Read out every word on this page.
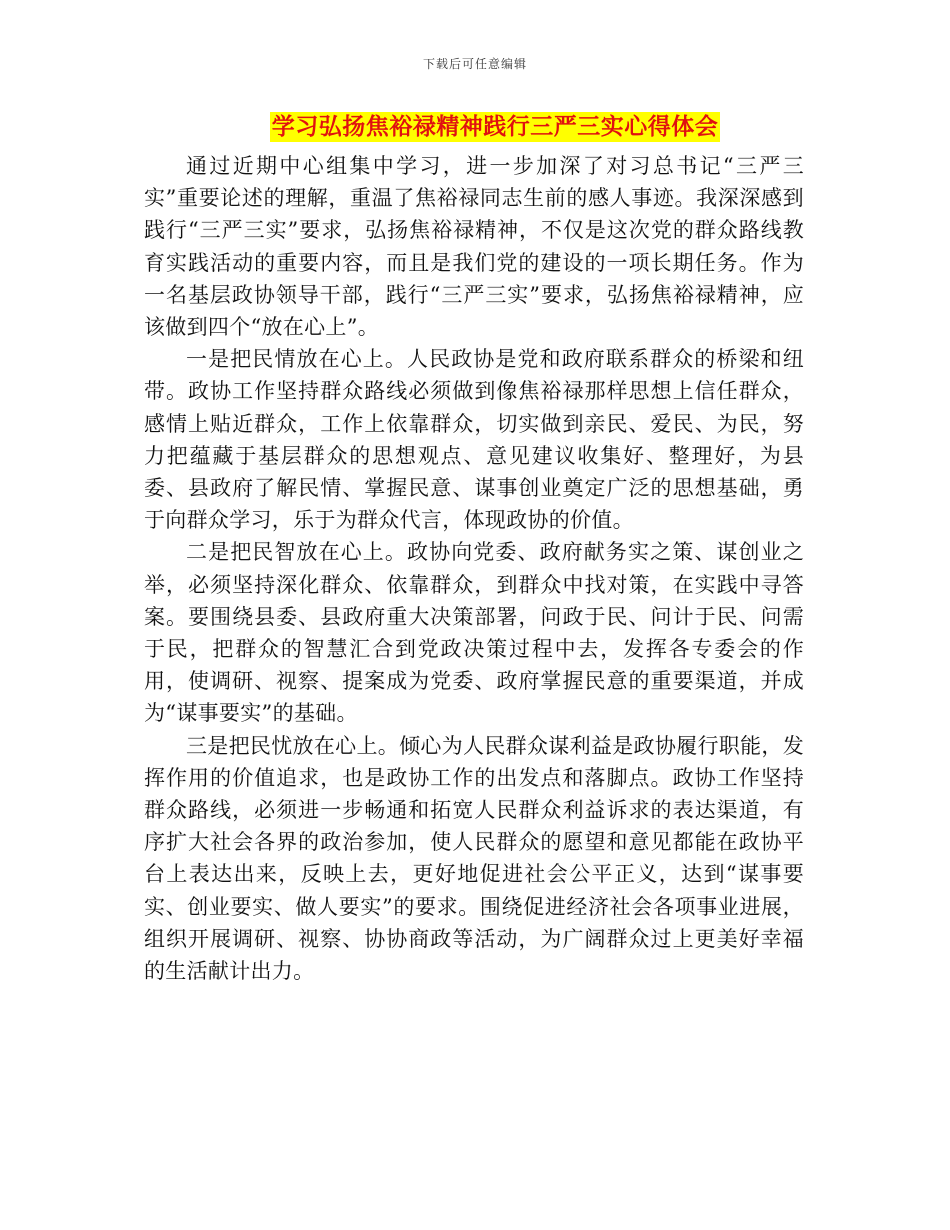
下载后可任意编辑
学习弘扬焦裕禄精神践行三严三实心得体会

通过近期中心组集中学习，进一步加深了对习总书记“三严三实”重要论述的理解，重温了焦裕禄同志生前的感人事迹。我深深感到践行“三严三实”要求，弘扬焦裕禄精神，不仅是这次党的群众路线教育实践活动的重要内容，而且是我们党的建设的一项长期任务。作为一名基层政协领导干部，践行“三严三实”要求，弘扬焦裕禄精神，应该做到四个“放在心上”。

一是把民情放在心上。人民政协是党和政府联系群众的桥梁和纽带。政协工作坚持群众路线必须做到像焦裕禄那样思想上信任群众，感情上贴近群众，工作上依靠群众，切实做到亲民、爱民、为民，努力把蕴藏于基层群众的思想观点、意见建议收集好、整理好，为县委、县政府了解民情、掌握民意、谋事创业奠定广泛的思想基础，勇于向群众学习，乐于为群众代言，体现政协的价值。

二是把民智放在心上。政协向党委、政府献务实之策、谋创业之举，必须坚持深化群众、依靠群众，到群众中找对策，在实践中寻答案。要围绕县委、县政府重大决策部署，问政于民、问计于民、问需于民，把群众的智慧汇合到党政决策过程中去，发挥各专委会的作用，使调研、视察、提案成为党委、政府掌握民意的重要渠道，并成为“谋事要实”的基础。

三是把民忧放在心上。倾心为人民群众谋利益是政协履行职能，发挥作用的价值追求，也是政协工作的出发点和落脚点。政协工作坚持群众路线，必须进一步畅通和拓宽人民群众利益诉求的表达渠道，有序扩大社会各界的政治参加，使人民群众的愿望和意见都能在政协平台上表达出来，反映上去，更好地促进社会公平正义，达到“谋事要实、创业要实、做人要实”的要求。围绕促进经济社会各项事业进展，组织开展调研、视察、协协商政等活动，为广阔群众过上更美好幸福的生活献计出力。
